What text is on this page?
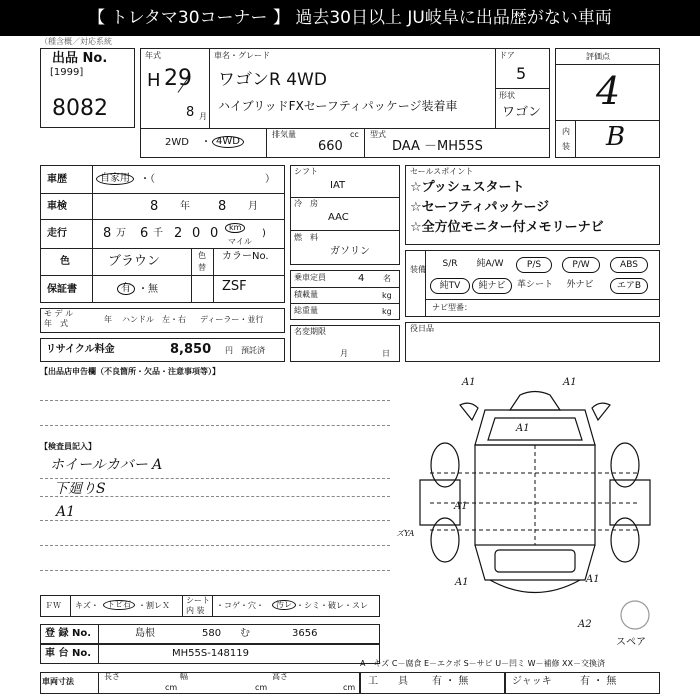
【 トレタマ30コーナー 】 過去30日以上 JU岐阜に出品歴がない車両
（種含概／対応系統
出品 No.
[1999]
8082
年式
H 29
8 月
車名・グレード
ワゴンR 4WD
ハイブリッドFXセーフティパッケージ装着車
ドア
5
形状
ワゴン
2WD ・ 4WD
排気量	cc
660
型式
DAA －MH55S
評価点
4
内
装 B
車歴	自家用	・（　　　　　　　　　　　）
車検	8 年 8 月
走行	8 万 6 千 2 0 0	km
マイル
)
色	ブラウン	色
替
カラーNo.
保証書	有 ・無	ZSF
モ デ ル
年　式	年 ハンドル　左・右 ディーラー・並行
リサイクル料金	8,850 円 預託済
【出品店申告欄（不良箇所・欠品・注意事項等）】
【検査員記入】
ホイールカバー A
下廻りS
A1
シフト
IAT
冷　房
AAC
燃　料
ガソリン
乗車定員	4 名
積載量	kg
総重量	kg
名変期限
月	日
セールスポイント
☆プッシュスタート
☆セーフティパッケージ
☆全方位モニター付メモリーナビ
装備
S/R	純A/W	P/S	P/W	ABS
純TV	純ナビ	革シート	外ナビ	エアB
ナビ型番：
役日品
A1	A1
A1
A1	A1
A1
A2
ズYA
スペア
ＦＷ キズ・	トビ石 ・割レＸ
シート
内 装
・コゲ・穴・	汚レ ・シミ・破レ・スレ
登 録 No.	島根	580 む	3656
車 台 No.	MH55S-148119
A－キズ C－腐食 E－エクボ S－サビ U－凹ミ W－補修 XX－交換済
車両寸法
長さ
cm
幅
cm
高さ
cm
工　　具 有 ・ 無	ジャッキ	有 ・ 無
